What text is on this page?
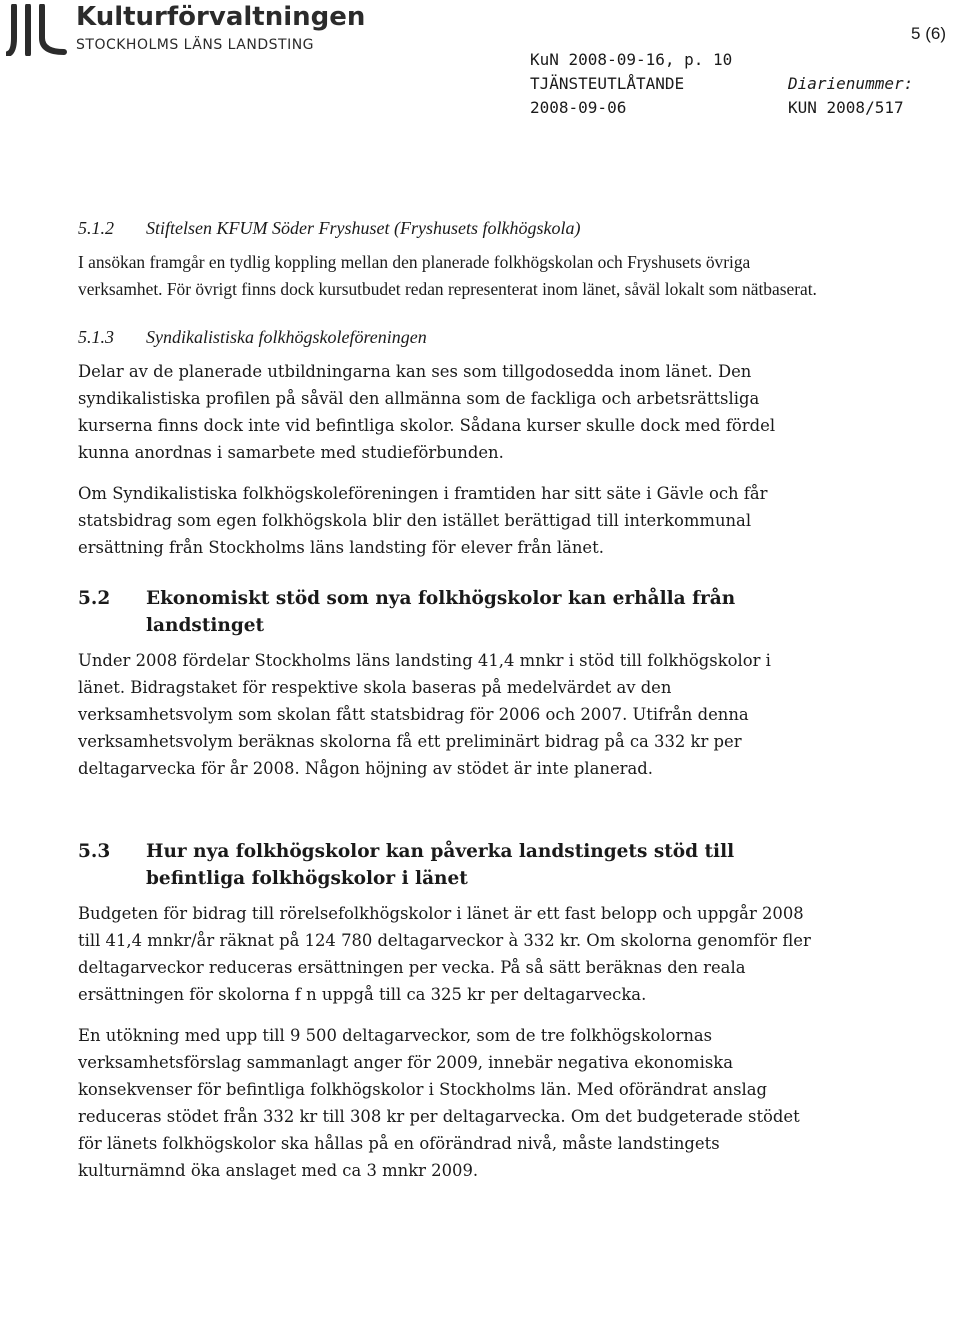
Kulturförvaltningen
STOCKHOLMS LÄNS LANDSTING
5 (6)
KuN 2008-09-16, p. 10
TJÄNSTEUTLÅTANDE
2008-09-06
Diarienummer:
KUN 2008/517
5.1.2	Stiftelsen KFUM Söder Fryshuset (Fryshusets folkhögskola)

I ansökan framgår en tydlig koppling mellan den planerade folkhögskolan och Fryshusets övriga verksamhet. För övrigt finns dock kursutbudet redan representerat inom länet, såväl lokalt som nätbaserat.

5.1.3	Syndikalistiska folkhögskoleföreningen

Delar av de planerade utbildningarna kan ses som tillgodosedda inom länet. Den syndikalistiska profilen på såväl den allmänna som de fackliga och arbetsrättsliga kurserna finns dock inte vid befintliga skolor. Sådana kurser skulle dock med fördel kunna anordnas i samarbete med studieförbunden.

Om Syndikalistiska folkhögskoleföreningen i framtiden har sitt säte i Gävle och får statsbidrag som egen folkhögskola blir den istället berättigad till interkommunal ersättning från Stockholms läns landsting för elever från länet.

5.2	Ekonomiskt stöd som nya folkhögskolor kan erhålla från landstinget

Under 2008 fördelar Stockholms läns landsting 41,4 mnkr i stöd till folkhögskolor i länet. Bidragstaket för respektive skola baseras på medelvärdet av den verksamhetsvolym som skolan fått statsbidrag för 2006 och 2007. Utifrån denna verksamhetsvolym beräknas skolorna få ett preliminärt bidrag på ca 332 kr per deltagarvecka för år 2008. Någon höjning av stödet är inte planerad.

5.3	Hur nya folkhögskolor kan påverka landstingets stöd till befintliga folkhögskolor i länet

Budgeten för bidrag till rörelsefolkhögskolor i länet är ett fast belopp och uppgår 2008 till 41,4 mnkr/år räknat på 124 780 deltagarveckor à 332 kr. Om skolorna genomför fler deltagarveckor reduceras ersättningen per vecka. På så sätt beräknas den reala ersättningen för skolorna f n uppgå till ca 325 kr per deltagarvecka.

En utökning med upp till 9 500 deltagarveckor, som de tre folkhögskolornas verksamhetsförslag sammanlagt anger för 2009, innebär negativa ekonomiska konsekvenser för befintliga folkhögskolor i Stockholms län. Med oförändrat anslag reduceras stödet från 332 kr till 308 kr per deltagarvecka. Om det budgeterade stödet för länets folkhögskolor ska hållas på en oförändrad nivå, måste landstingets kulturnämnd öka anslaget med ca 3 mnkr 2009.
